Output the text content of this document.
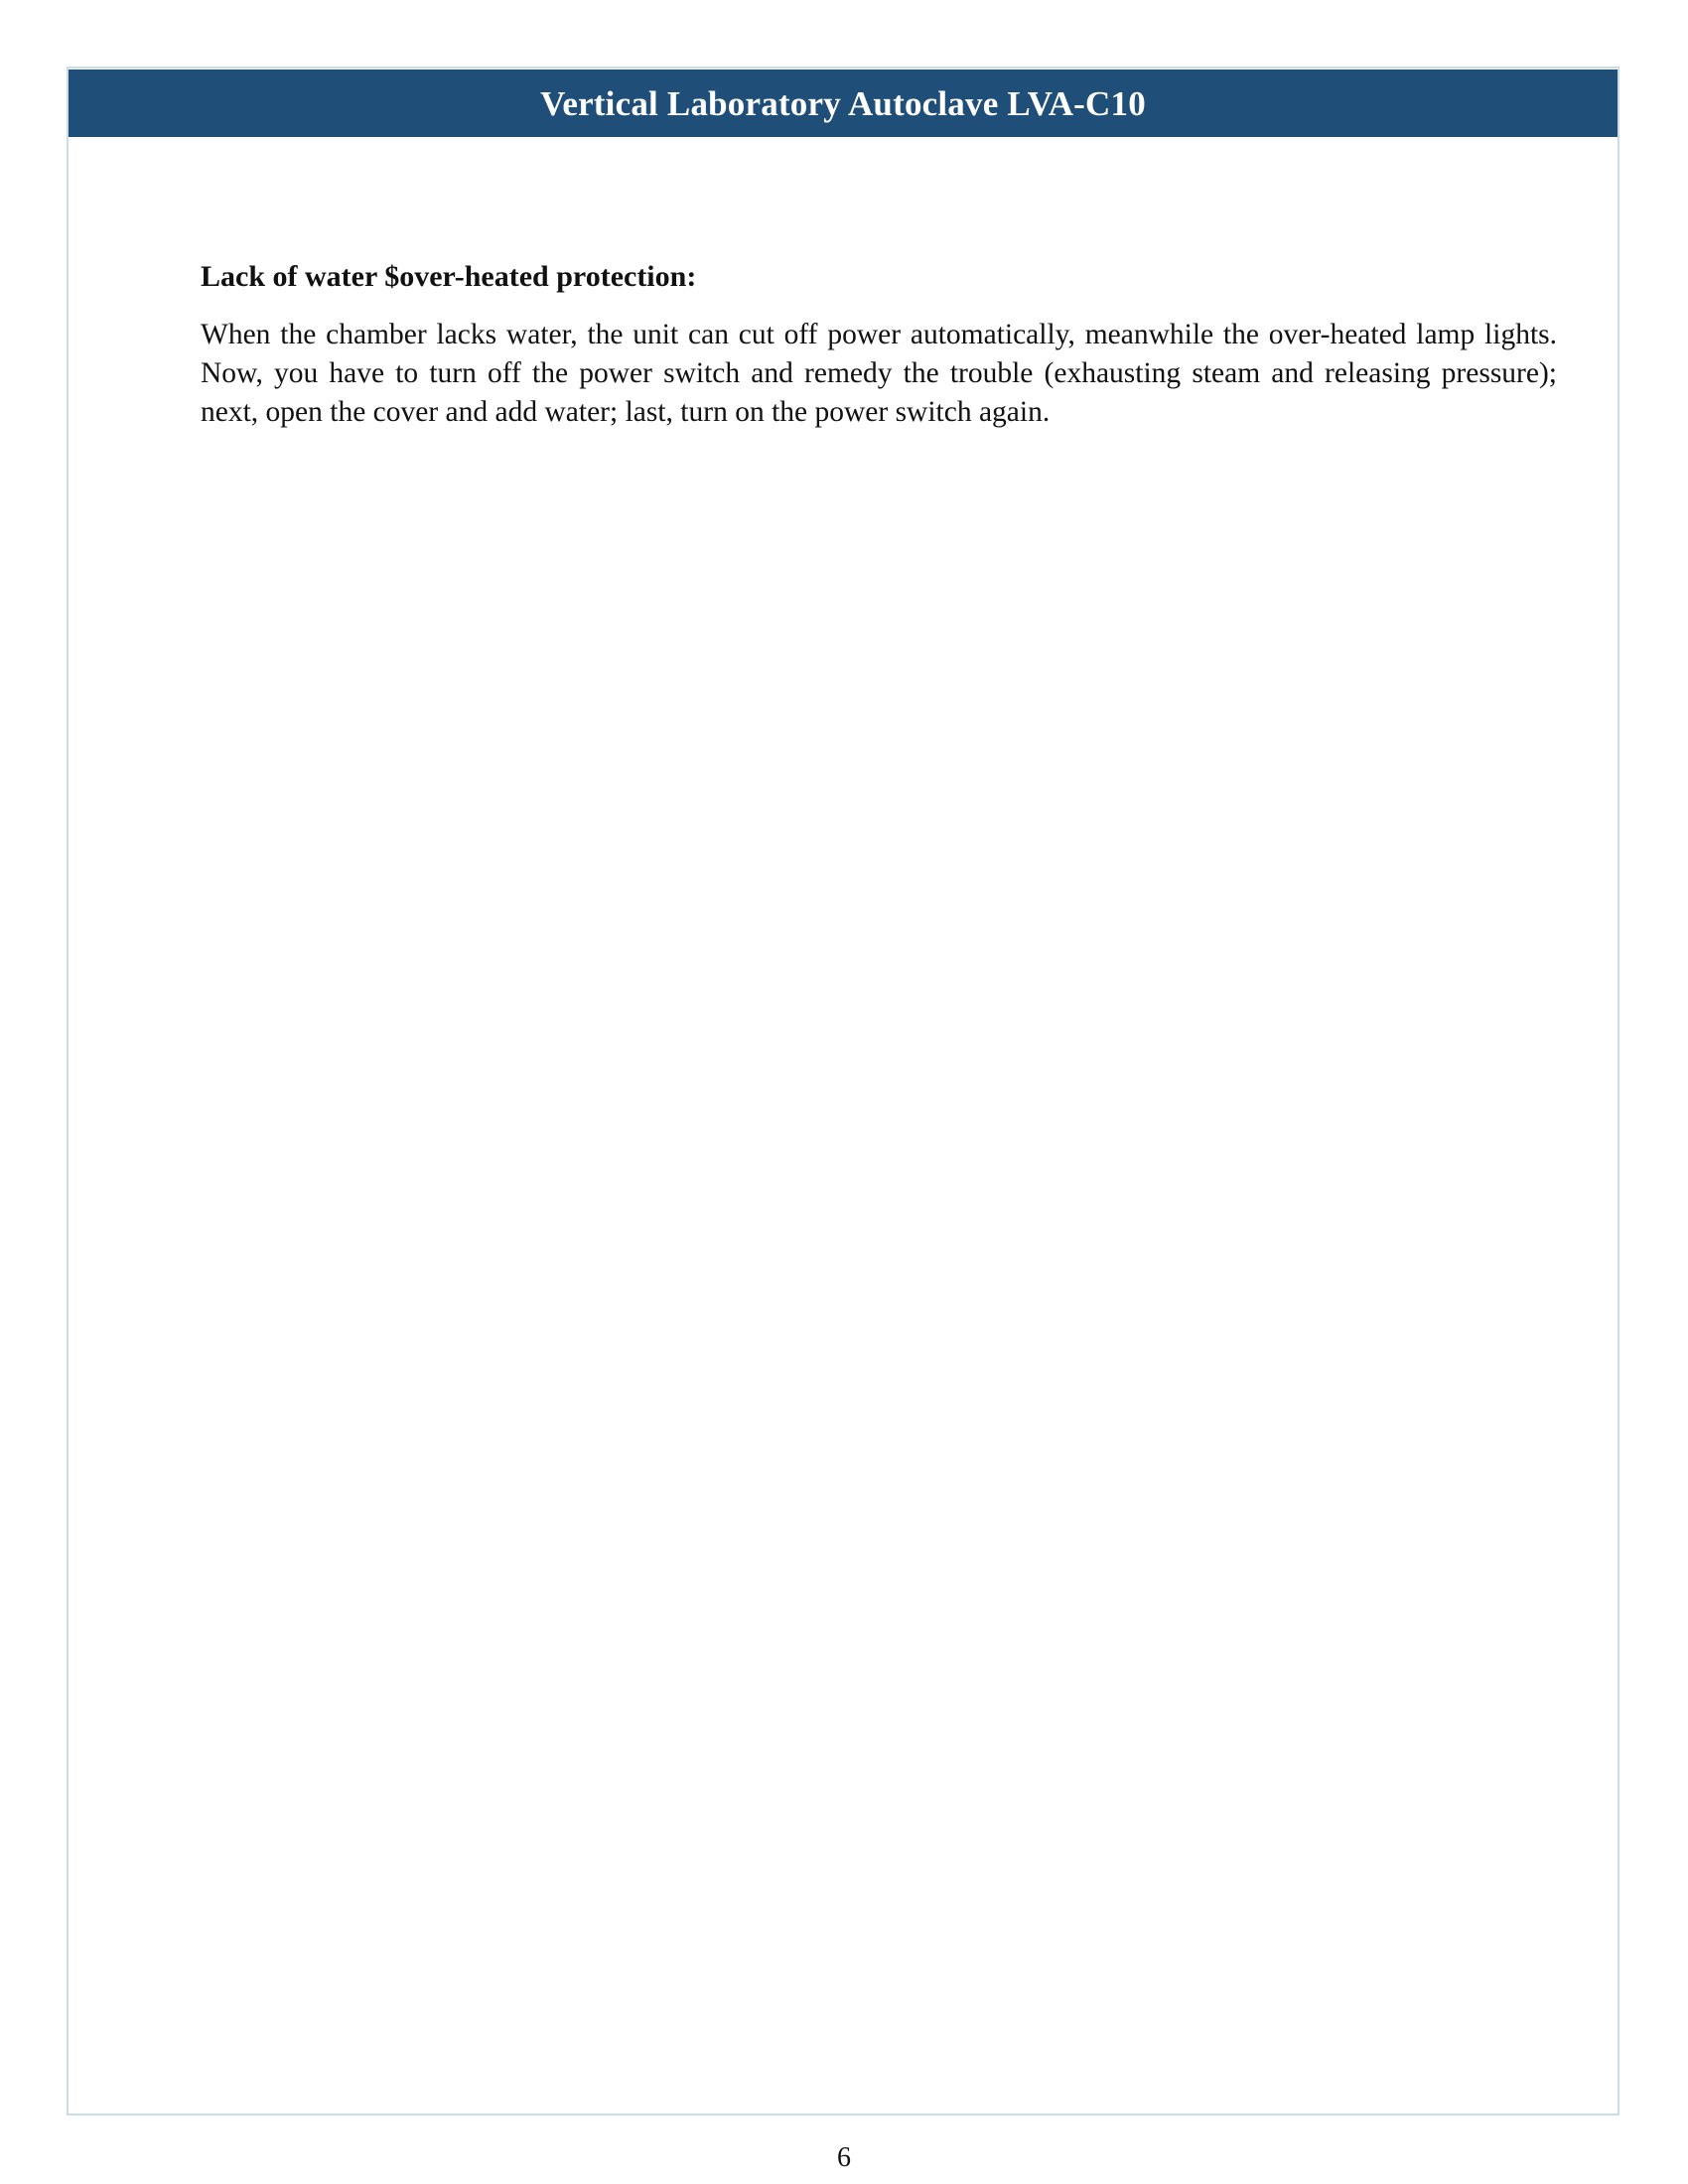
Vertical Laboratory Autoclave LVA-C10
Lack of water $over-heated protection:

When the chamber lacks water, the unit can cut off power automatically, meanwhile the over-heated lamp lights. Now, you have to turn off the power switch and remedy the trouble (exhausting steam and releasing pressure); next, open the cover and add water; last, turn on the power switch again.

6
